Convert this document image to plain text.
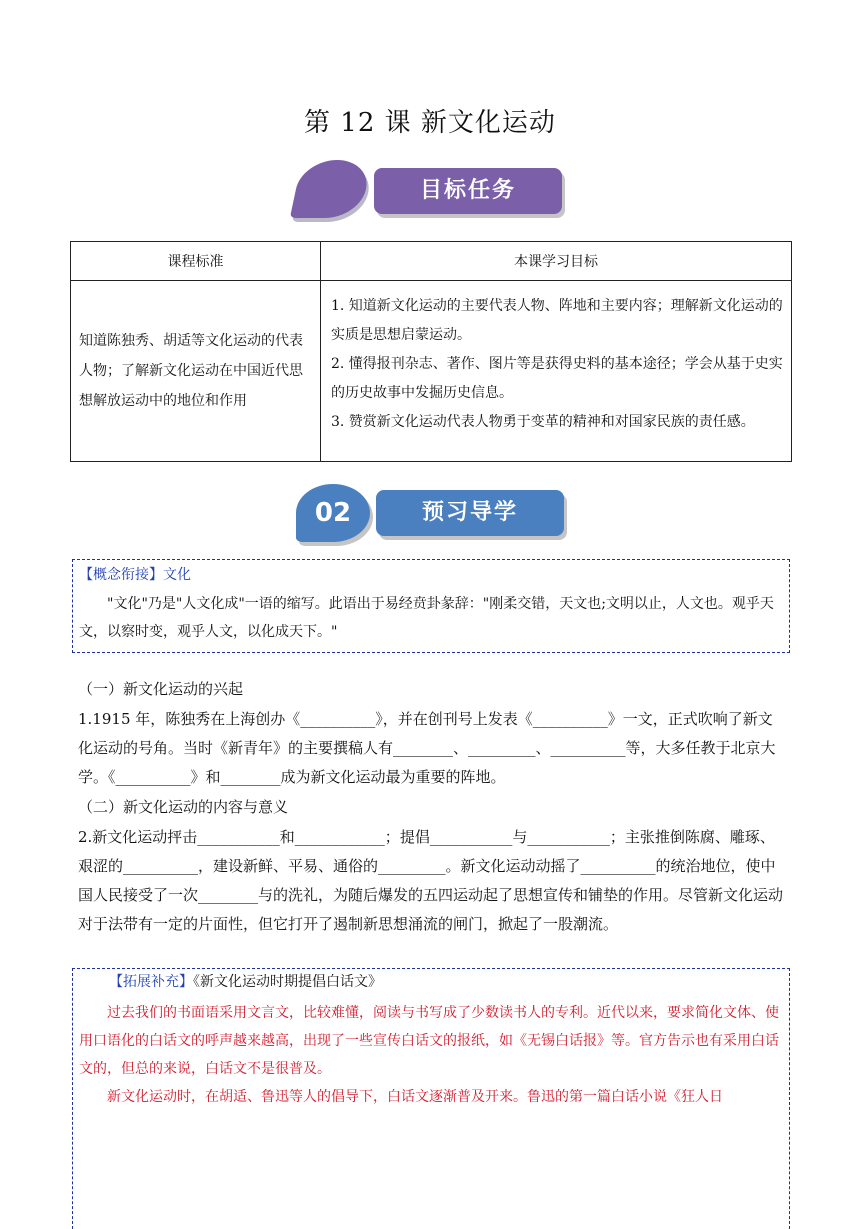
第 12 课 新文化运动
目标任务
课程标准	本课学习目标
知道陈独秀、胡适等文化运动的代表人物；了解新文化运动在中国近代思想解放运动中的地位和作用	1. 知道新文化运动的主要代表人物、阵地和主要内容；理解新文化运动的实质是思想启蒙运动。
2. 懂得报刊杂志、著作、图片等是获得史料的基本途径；学会从基于史实的历史故事中发掘历史信息。
3. 赞赏新文化运动代表人物勇于变革的精神和对国家民族的责任感。
02	预习导学
【概念衔接】文化
"文化"乃是"人文化成"一语的缩写。此语出于易经贲卦彖辞："刚柔交错，天文也;文明以止，人文也。观乎天文，以察时变，观乎人文，以化成天下。"
（一）新文化运动的兴起
1.1915 年，陈独秀在上海创办《__________》，并在创刊号上发表《__________》一文，正式吹响了新文化运动的号角。当时《新青年》的主要撰稿人有________、_________、__________等，大多任教于北京大学。《__________》和________成为新文化运动最为重要的阵地。
（二）新文化运动的内容与意义
2.新文化运动抨击___________和____________；提倡___________与___________；主张推倒陈腐、雕琢、艰涩的__________，建设新鲜、平易、通俗的_________。新文化运动动摇了__________的统治地位，使中国人民接受了一次________与的洗礼，为随后爆发的五四运动起了思想宣传和铺垫的作用。尽管新文化运动对于法带有一定的片面性，但它打开了遏制新思想涌流的闸门，掀起了一股潮流。
【拓展补充】《新文化运动时期提倡白话文》
过去我们的书面语采用文言文，比较难懂，阅读与书写成了少数读书人的专利。近代以来，要求简化文体、使用口语化的白话文的呼声越来越高，出现了一些宣传白话文的报纸，如《无锡白话报》等。官方告示也有采用白话文的，但总的来说，白话文不是很普及。
新文化运动时，在胡适、鲁迅等人的倡导下，白话文逐渐普及开来。鲁迅的第一篇白话小说《狂人日
